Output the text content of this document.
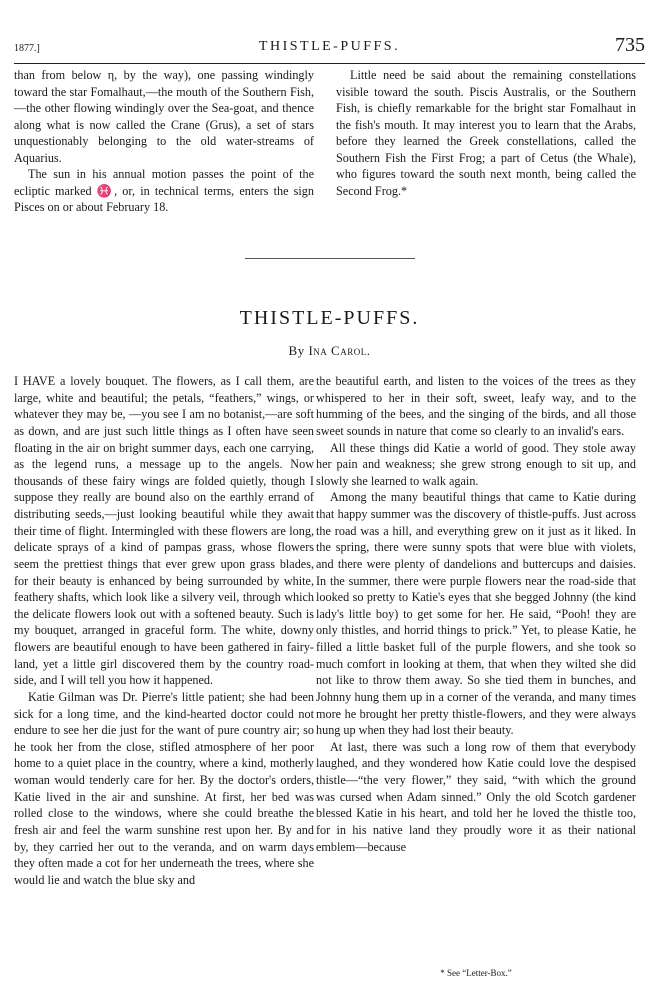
1877.]	THISTLE-PUFFS.	735

than from below η, by the way), one passing windingly toward the star Fomalhaut,—the mouth of the Southern Fish,—the other flowing windingly over the Sea-goat, and thence along what is now called the Crane (Grus), a set of stars unquestionably belonging to the old water-streams of Aquarius.

The sun in his annual motion passes the point of the ecliptic marked ♓, or, in technical terms, enters the sign Pisces on or about February 18.

Little need be said about the remaining constellations visible toward the south. Piscis Australis, or the Southern Fish, is chiefly remarkable for the bright star Fomalhaut in the fish's mouth. It may interest you to learn that the Arabs, before they learned the Greek constellations, called the Southern Fish the First Frog; a part of Cetus (the Whale), who figures toward the south next month, being called the Second Frog.*

THISTLE-PUFFS.
By Ina Carol.

I HAVE a lovely bouquet. The flowers, as I call them, are large, white and beautiful; the petals, “feathers,” wings, or whatever they may be, —you see I am no botanist,—are soft as down, and are just such little things as I often have seen floating in the air on bright summer days, each one carrying, as the legend runs, a message up to the angels. Now thousands of these fairy wings are folded quietly, though I suppose they really are bound also on the earthly errand of distributing seeds,—just looking beautiful while they await their time of flight. Intermingled with these flowers are long, delicate sprays of a kind of pampas grass, whose flowers seem the prettiest things that ever grew upon grass blades, for their beauty is enhanced by being surrounded by white, feathery shafts, which look like a silvery veil, through which the delicate flowers look out with a softened beauty. Such is my bouquet, arranged in graceful form. The white, downy flowers are beautiful enough to have been gathered in fairy-land, yet a little girl discovered them by the country road-side, and I will tell you how it happened.

Katie Gilman was Dr. Pierre's little patient; she had been sick for a long time, and the kind-hearted doctor could not endure to see her die just for the want of pure country air; so he took her from the close, stifled atmosphere of her poor home to a quiet place in the country, where a kind, motherly woman would tenderly care for her. By the doctor's orders, Katie lived in the air and sunshine. At first, her bed was rolled close to the windows, where she could breathe the fresh air and feel the warm sunshine rest upon her. By and by, they carried her out to the veranda, and on warm days they often made a cot for her underneath the trees, where she would lie and watch the blue sky and

the beautiful earth, and listen to the voices of the trees as they whispered to her in their soft, sweet, leafy way, and to the humming of the bees, and the singing of the birds, and all those sweet sounds in nature that come so clearly to an invalid's ears.

All these things did Katie a world of good. They stole away her pain and weakness; she grew strong enough to sit up, and slowly she learned to walk again.

Among the many beautiful things that came to Katie during that happy summer was the discovery of thistle-puffs. Just across the road was a hill, and everything grew on it just as it liked. In the spring, there were sunny spots that were blue with violets, and there were plenty of dandelions and buttercups and daisies. In the summer, there were purple flowers near the road-side that looked so pretty to Katie's eyes that she begged Johnny (the kind lady's little boy) to get some for her. He said, “Pooh! they are only thistles, and horrid things to prick.” Yet, to please Katie, he filled a little basket full of the purple flowers, and she took so much comfort in looking at them, that when they wilted she did not like to throw them away. So she tied them in bunches, and Johnny hung them up in a corner of the veranda, and many times more he brought her pretty thistle-flowers, and they were always hung up when they had lost their beauty.

At last, there was such a long row of them that everybody laughed, and they wondered how Katie could love the despised thistle—“the very flower,” they said, “with which the ground was cursed when Adam sinned.” Only the old Scotch gardener blessed Katie in his heart, and told her he loved the thistle too, for in his native land they proudly wore it as their national emblem—because

* See “Letter-Box.”
